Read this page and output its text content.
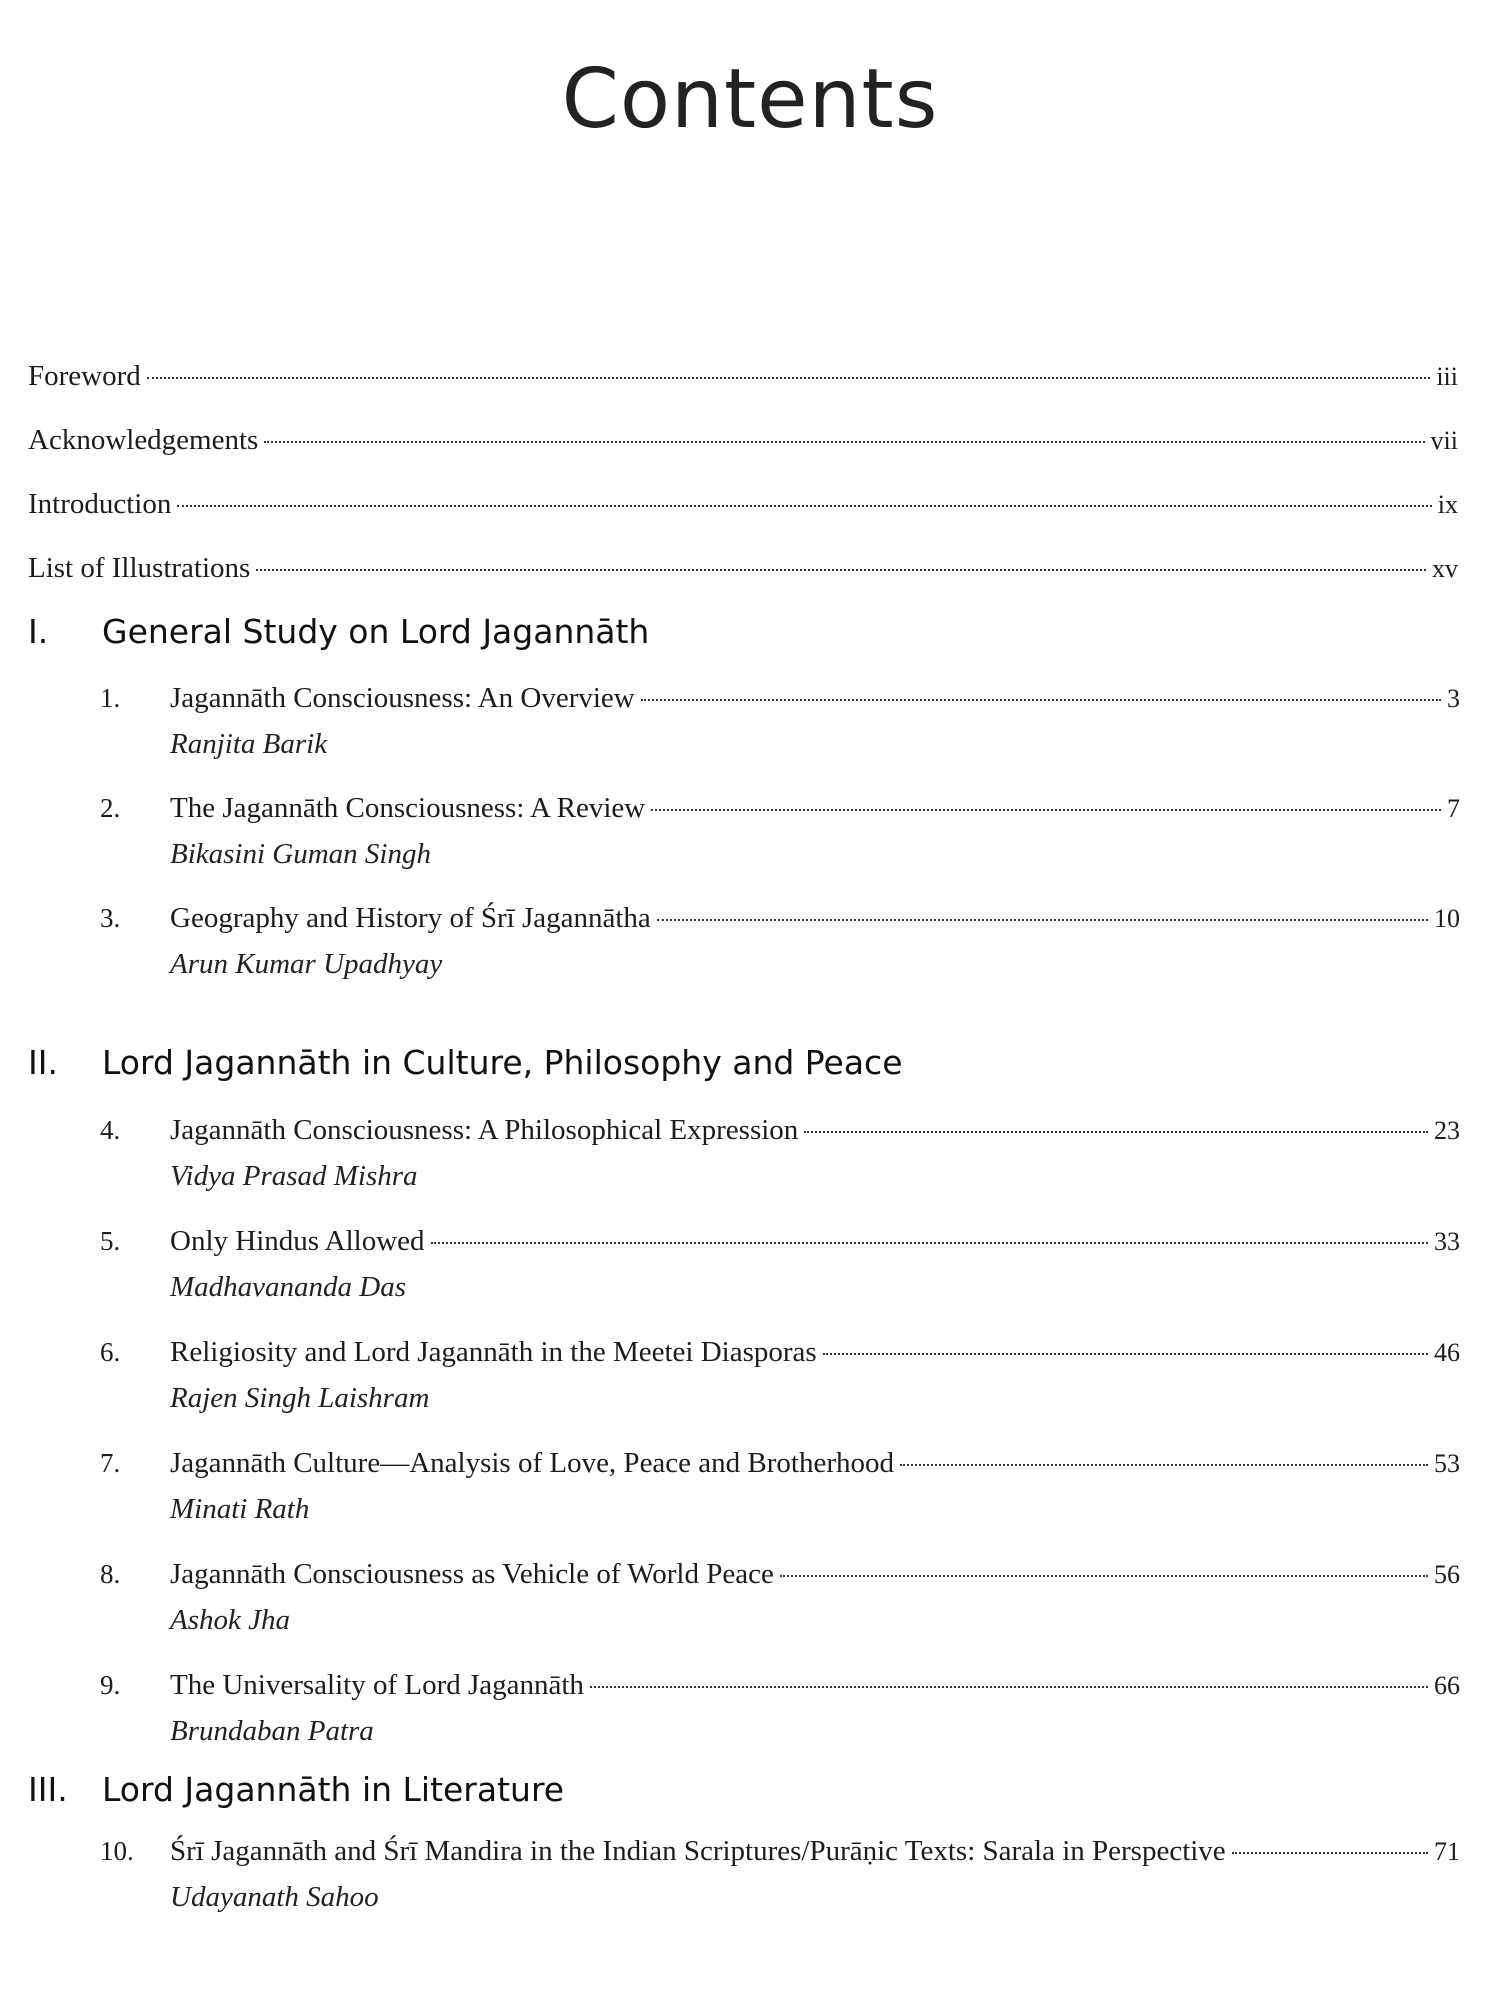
Contents
Foreword	iii
Acknowledgements	vii
Introduction	ix
List of Illustrations	xv
I.	General Study on Lord Jagannāth
1.	Jagannāth Consciousness: An Overview	3
Ranjita Barik
2.	The Jagannāth Consciousness: A Review	7
Bikasini Guman Singh
3.	Geography and History of Śrī Jagannātha	10
Arun Kumar Upadhyay
II.	Lord Jagannāth in Culture, Philosophy and Peace
4.	Jagannāth Consciousness: A Philosophical Expression	23
Vidya Prasad Mishra
5.	Only Hindus Allowed	33
Madhavananda Das
6.	Religiosity and Lord Jagannāth in the Meetei Diasporas	46
Rajen Singh Laishram
7.	Jagannāth Culture—Analysis of Love, Peace and Brotherhood	53
Minati Rath
8.	Jagannāth Consciousness as Vehicle of World Peace	56
Ashok Jha
9.	The Universality of Lord Jagannāth	66
Brundaban Patra
III.	Lord Jagannāth in Literature
10.	Śrī Jagannāth and Śrī Mandira in the Indian Scriptures/Purāṇic Texts: Sarala in Perspective	71
Udayanath Sahoo
